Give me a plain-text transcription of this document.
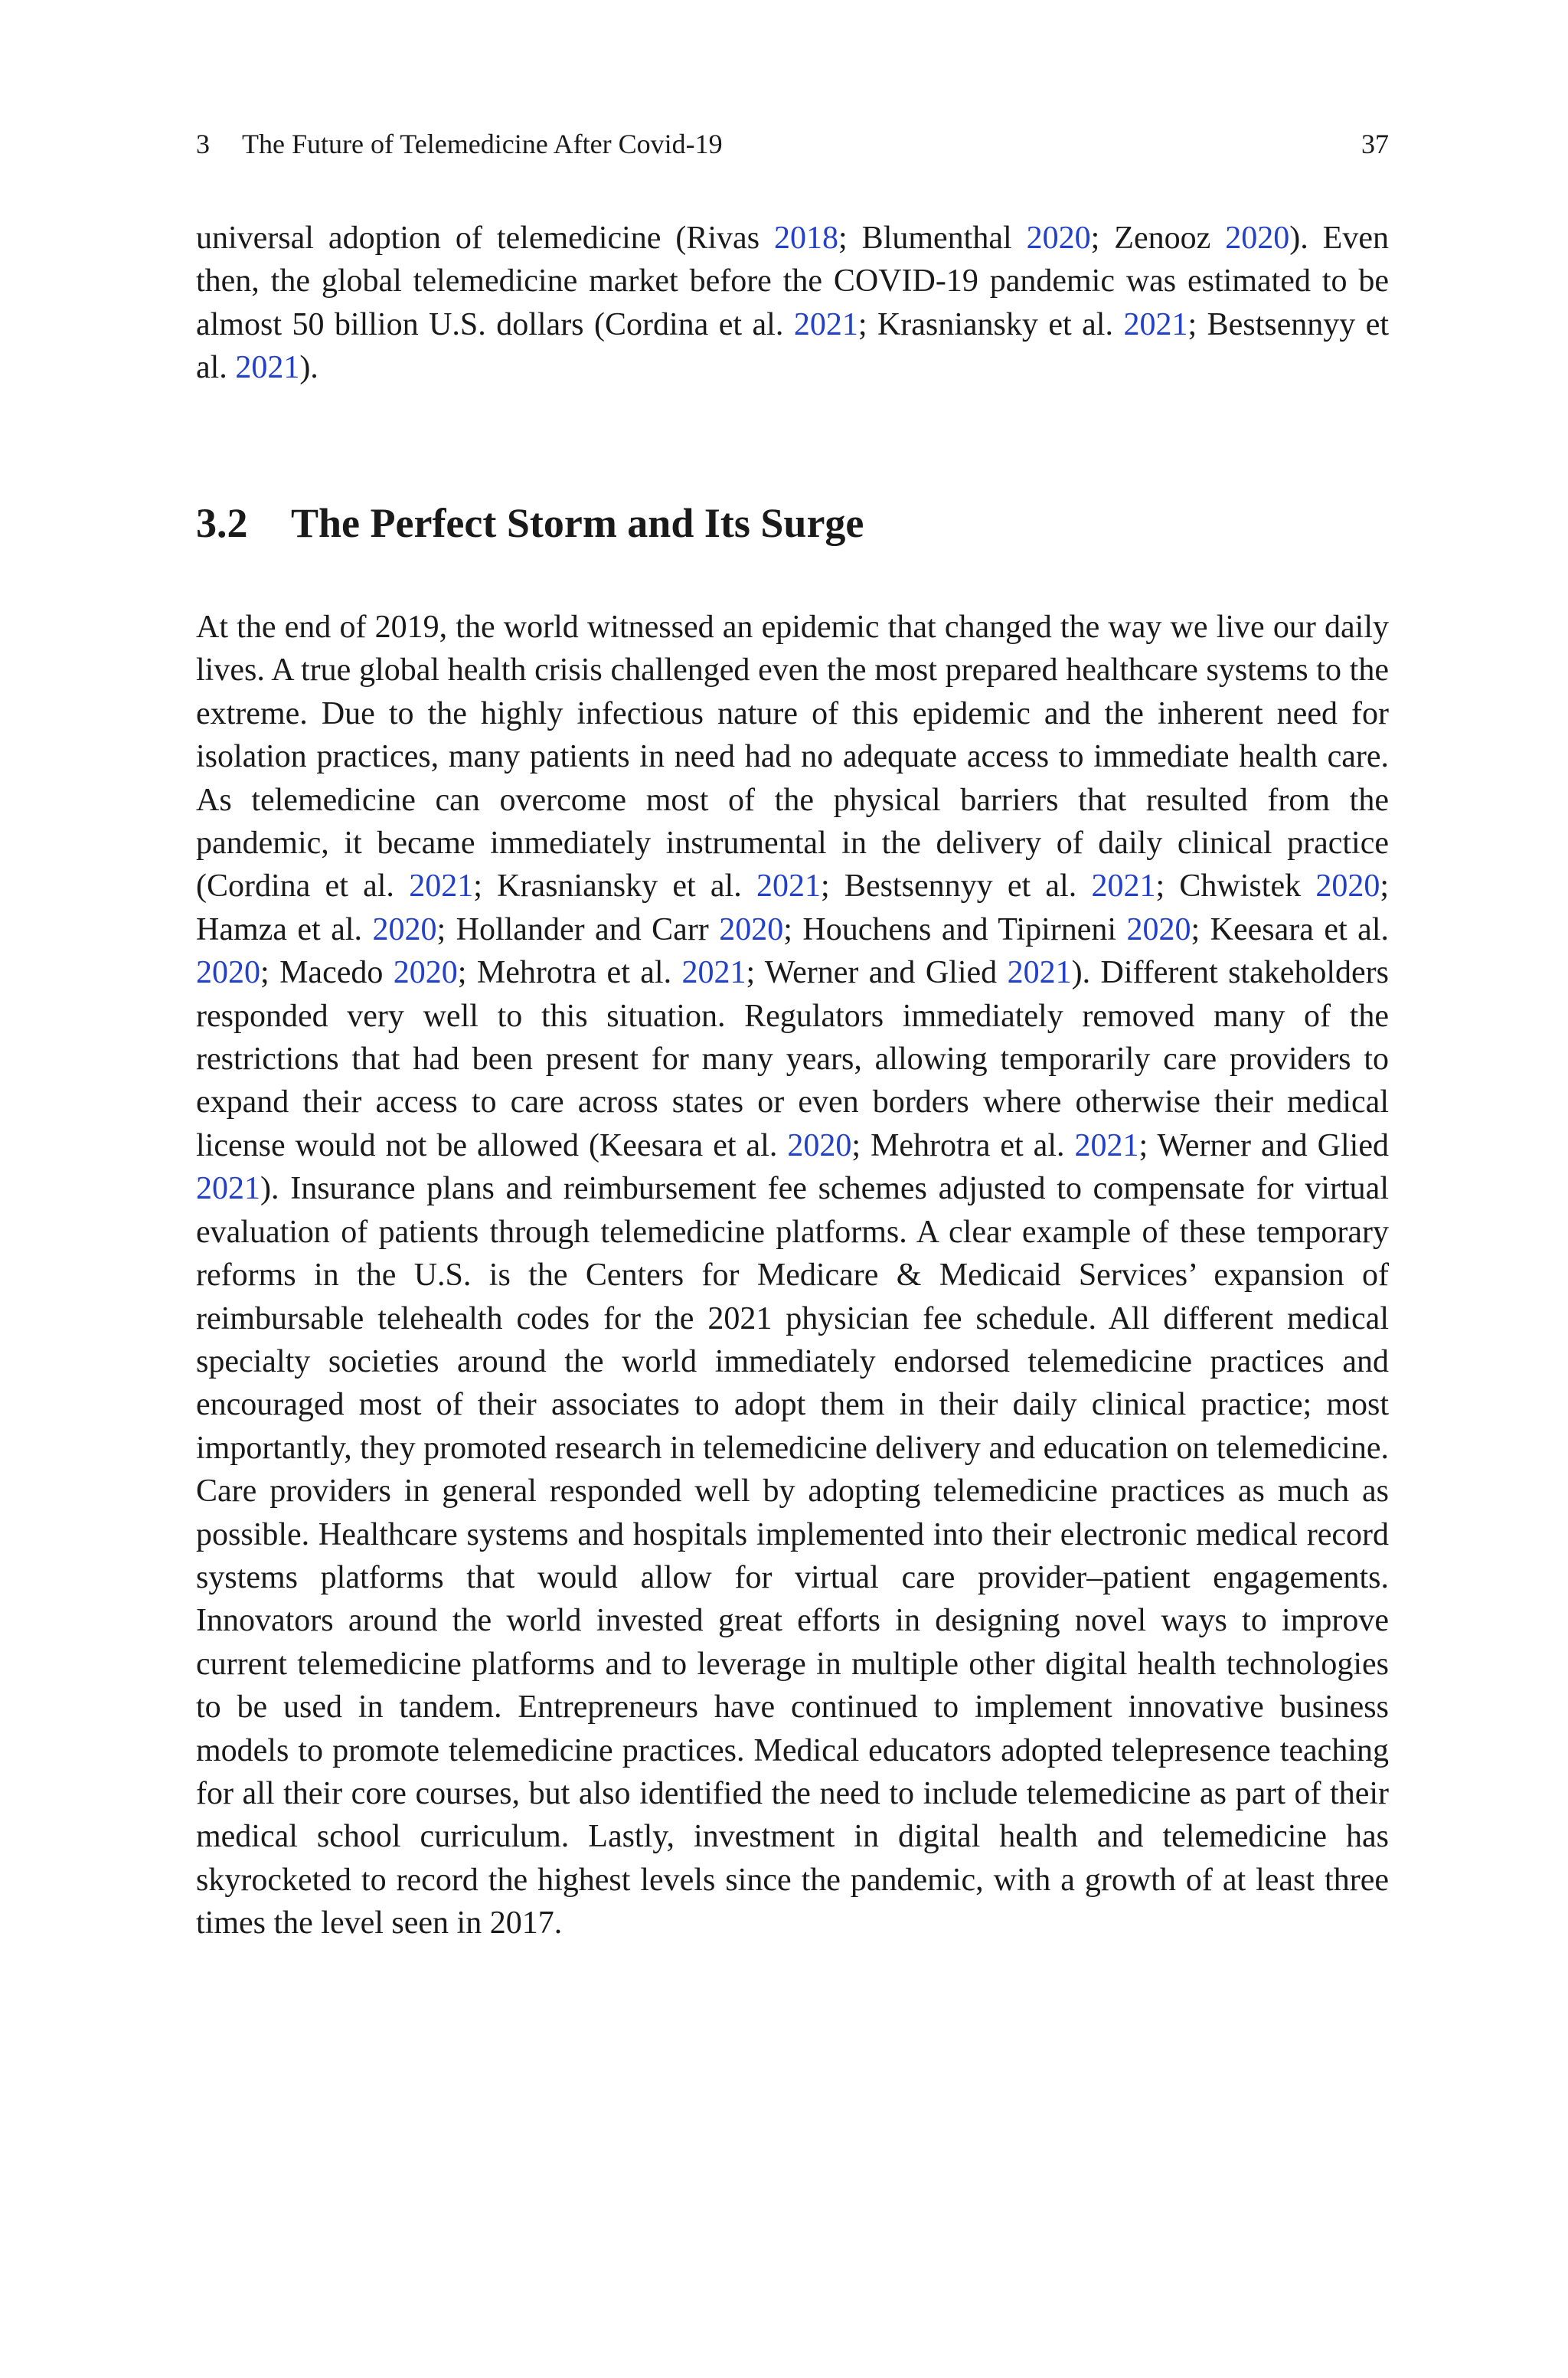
3 The Future of Telemedicine After Covid-19	37
universal adoption of telemedicine (Rivas 2018; Blumenthal 2020; Zenooz 2020). Even then, the global telemedicine market before the COVID-19 pandemic was estimated to be almost 50 billion U.S. dollars (Cordina et al. 2021; Krasniansky et al. 2021; Bestsennyy et al. 2021).
3.2 The Perfect Storm and Its Surge
At the end of 2019, the world witnessed an epidemic that changed the way we live our daily lives. A true global health crisis challenged even the most prepared healthcare systems to the extreme. Due to the highly infectious nature of this epidemic and the inherent need for isolation practices, many patients in need had no adequate access to immediate health care. As telemedicine can overcome most of the physical barriers that resulted from the pandemic, it became immediately instrumental in the delivery of daily clinical practice (Cordina et al. 2021; Krasniansky et al. 2021; Bestsennyy et al. 2021; Chwistek 2020; Hamza et al. 2020; Hollander and Carr 2020; Houchens and Tipirneni 2020; Keesara et al. 2020; Macedo 2020; Mehrotra et al. 2021; Werner and Glied 2021). Different stakeholders responded very well to this situation. Regulators immediately removed many of the restrictions that had been present for many years, allowing temporarily care providers to expand their access to care across states or even borders where otherwise their medical license would not be allowed (Keesara et al. 2020; Mehrotra et al. 2021; Werner and Glied 2021). Insurance plans and reimbursement fee schemes adjusted to compensate for virtual evaluation of patients through telemedicine platforms. A clear example of these temporary reforms in the U.S. is the Centers for Medicare & Medicaid Services’ expansion of reimbursable telehealth codes for the 2021 physician fee schedule. All different medical specialty societies around the world immediately endorsed telemedicine practices and encouraged most of their associates to adopt them in their daily clinical practice; most importantly, they promoted research in telemedicine delivery and education on telemedicine. Care providers in general responded well by adopting telemedicine practices as much as possible. Healthcare systems and hospitals implemented into their electronic medical record systems platforms that would allow for virtual care provider–patient engagements. Innovators around the world invested great efforts in designing novel ways to improve current telemedicine platforms and to leverage in multiple other digital health technologies to be used in tandem. Entrepreneurs have continued to implement innovative business models to promote telemedicine practices. Medical educators adopted telepresence teaching for all their core courses, but also identified the need to include telemedicine as part of their medical school curriculum. Lastly, investment in digital health and telemedicine has skyrocketed to record the highest levels since the pandemic, with a growth of at least three times the level seen in 2017.
